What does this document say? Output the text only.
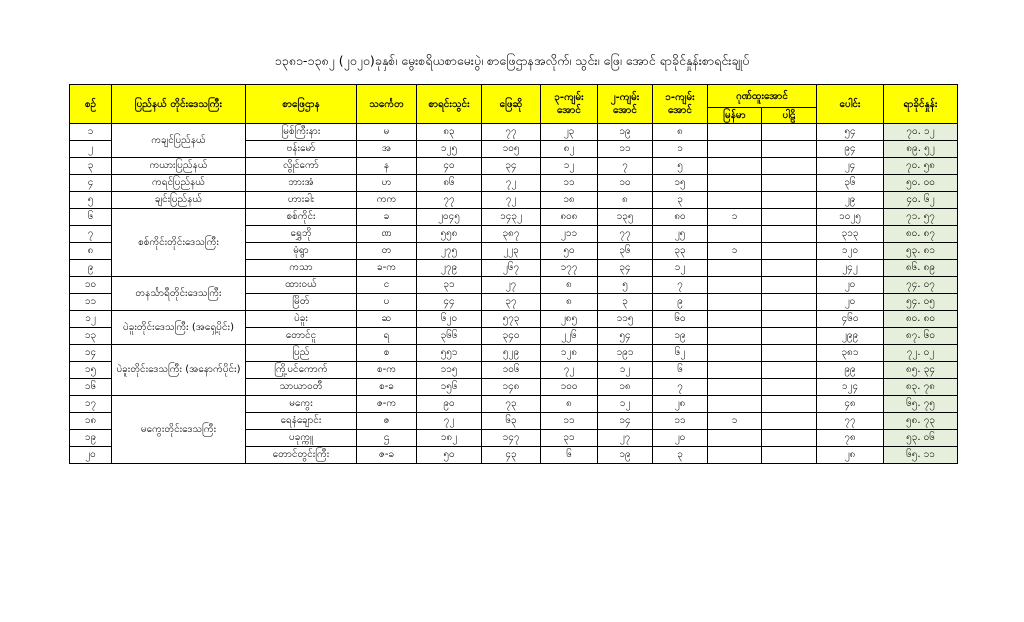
၁၃၈၁-၁၃၈၂ (၂၀၂၀)ခုနှစ်၊ မွေးစရိယစာမေးပွဲ၊ စာဖြေဌာနအလိုက်၊ သွင်း၊ ဖြေ၊ အောင် ရာခိုင်နှုန်းစာရင်းချုပ်
စဉ်	ပြည်နယ် တိုင်းဒေသကြီး	စာဖြေဌာန	သင်္ကေတ	စာရင်းသွင်း	ဖြေဆို	၃-ကျမ်း အောင်	၂-ကျမ်း အောင်	၁-ကျမ်း အောင်	ဂုဏ်ထူးအောင်		ပေါင်း	ရာခိုင်နှုန်း
									မြန်မာ	ပါဠိ		
၁	ကချင်ပြည်နယ်	မြစ်ကြီးနား	မ	၈၃	၇၇	၂၃	၁၉	၈			၅၄	၇၀. ၁၂
၂		ဗန်းမော်	အ	၁၂၅	၁၀၅	၈၂	၁၁	၁			၉၄	၈၉. ၅၂
၃	ကယားပြည်နယ်	လွိုင်ကော်	န	၄၀	၃၄	၁၂	၇	၅			၂၄	၇၀. ၅၈
၄	ကရင်ပြည်နယ်	ဘားအံ	ဟ	၈၆	၇၂	၁၁	၁၀	၁၅			၃၆	၅၀. ၀၀
၅	ချင်းပြည်နယ်	ဟားခါး	ကက	၇၇	၇၂	၁၈	၈	၃			၂၉	၄၀. ၆၂
၆	စစ်ကိုင်းတိုင်းဒေသကြီး	စစ်ကိုင်း	ခ	၂၀၄၅	၁၄၃၂	၈၀၈	၁၃၅	၈၀	၁		၁၀၂၅	၇၁. ၅၇
၇		ရွှေဘို	ဏ	၅၅၈	၃၈၇	၂၁၁	၇၇	၂၅			၃၁၃	၈၀. ၈၇
၈		မုံရွာ	တ	၂၇၅	၂၂၃	၅၀	၃၆	၃၃	၁		၁၂၀	၅၃. ၈၁
၉		ကသာ	ခ-က	၂၇၉	၂၆၇	၁၇၇	၃၄	၁၂			၂၄၂	၈၆. ၈၉
၁၀	တနင်္သာရီတိုင်းဒေသကြီး	ထားဝယ်	င	၃၁	၂၇	၈	၅	၇			၂၀	၇၄. ၀၇
၁၁		မြိတ်	ပ	၄၄	၃၇	၈	၃	၉			၂၀	၅၄. ၀၅
၁၂	ပဲခူးတိုင်းဒေသကြီး (အရှေ့ပိုင်း)	ပဲခူး	ဆ	၆၂၀	၅၇၃	၂၈၅	၁၁၅	၆၀			၄၆၀	၈၀. ၈၀
၁၃		တောင်ငူ	ရ	၃၆၆	၃၄၀	၂၂၆	၅၄	၁၉			၂၉၉	၈၇. ၆၀
၁၄	ပဲခူးတိုင်းဒေသကြီး (အနောက်ပိုင်း)	ပြည်	စ	၅၅၁	၅၂၉	၁၂၈	၁၉၁	၆၂			၃၈၁	၇၂. ၀၂
၁၅		ကြို့ပင်ကောက်	စ-က	၁၁၅	၁၀၆	၇၂	၁၂	၆			၉၉	၈၅. ၃၄
၁၆		သာယာဝတီ	စ-ခ	၁၅၆	၁၄၈	၁၀၀	၁၈	၇			၁၂၄	၈၃. ၇၈
၁၇	မကွေးတိုင်းဒေသကြီး	မကွေး	ဇ-က	၉၀	၇၃	၈	၁၂	၂၈			၄၈	၆၅. ၇၅
၁၈		ရေနံချောင်း	ဇ	၇၂	၆၃	၁၁	၁၄	၁၁	၁		၇၇	၅၈. ၇၃
၁၉		ပခုက္ကူ	ဌ	၁၈၂	၁၄၇	၃၁	၂၇	၂၀			၇၈	၅၃. ၀၆
၂၀		တောင်တွင်းကြီး	ဇ-ခ	၅၀	၄၃	၆	၁၉	၃			၂၈	၆၅. ၁၁
